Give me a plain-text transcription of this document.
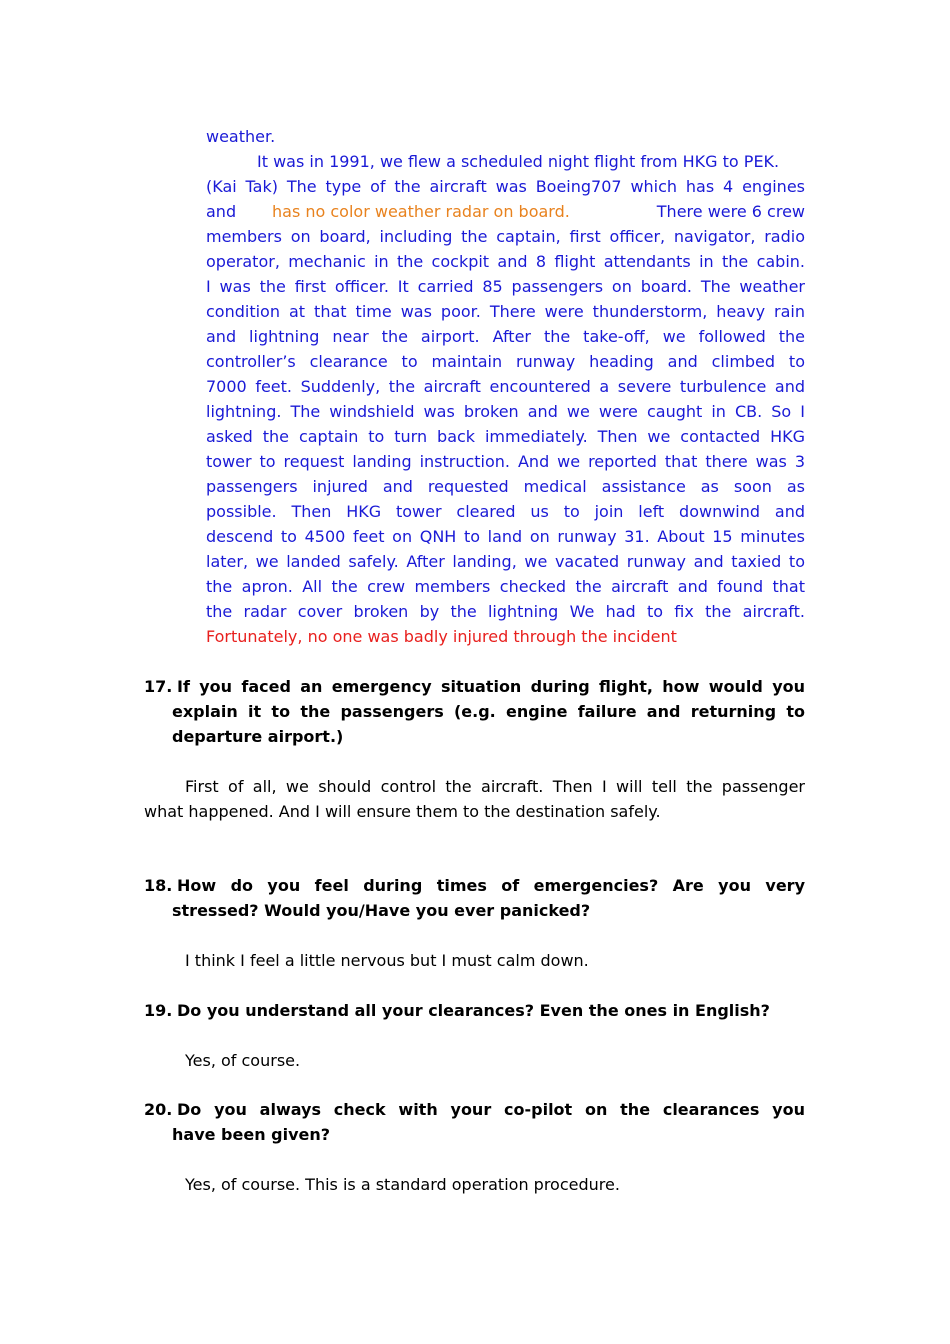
weather.
It was in 1991, we flew a scheduled night flight from HKG to PEK.
(Kai Tak) The type of the aircraft was Boeing707 which has 4 engines
and has no color weather radar on board.	There were 6 crew
members on board, including the captain, first officer, navigator, radio
operator, mechanic in the cockpit and 8 flight attendants in the cabin.
I was the first officer. It carried 85 passengers on board. The weather
condition at that time was poor. There were thunderstorm, heavy rain
and lightning near the airport. After the take-off, we followed the
controller’s clearance to maintain runway heading and climbed to
7000 feet. Suddenly, the aircraft encountered a severe turbulence and
lightning. The windshield was broken and we were caught in CB. So I
asked the captain to turn back immediately. Then we contacted HKG
tower to request landing instruction. And we reported that there was 3
passengers injured and requested medical assistance as soon as
possible. Then HKG tower cleared us to join left downwind and
descend to 4500 feet on QNH to land on runway 31. About 15 minutes
later, we landed safely. After landing, we vacated runway and taxied to
the apron. All the crew members checked the aircraft and found that
the radar cover broken by the lightning We had to fix the aircraft.
Fortunately, no one was badly injured through the incident
17. If you faced an emergency situation during flight, how would you
explain it to the passengers (e.g. engine failure and returning to
departure airport.)
First of all, we should control the aircraft. Then I will tell the passenger
what happened. And I will ensure them to the destination safely.
18. How do you feel during times of emergencies? Are you very
stressed? Would you/Have you ever panicked?
I think I feel a little nervous but I must calm down.
19. Do you understand all your clearances? Even the ones in English?
Yes, of course.
20. Do you always check with your co-pilot on the clearances you
have been given?
Yes, of course. This is a standard operation procedure.
